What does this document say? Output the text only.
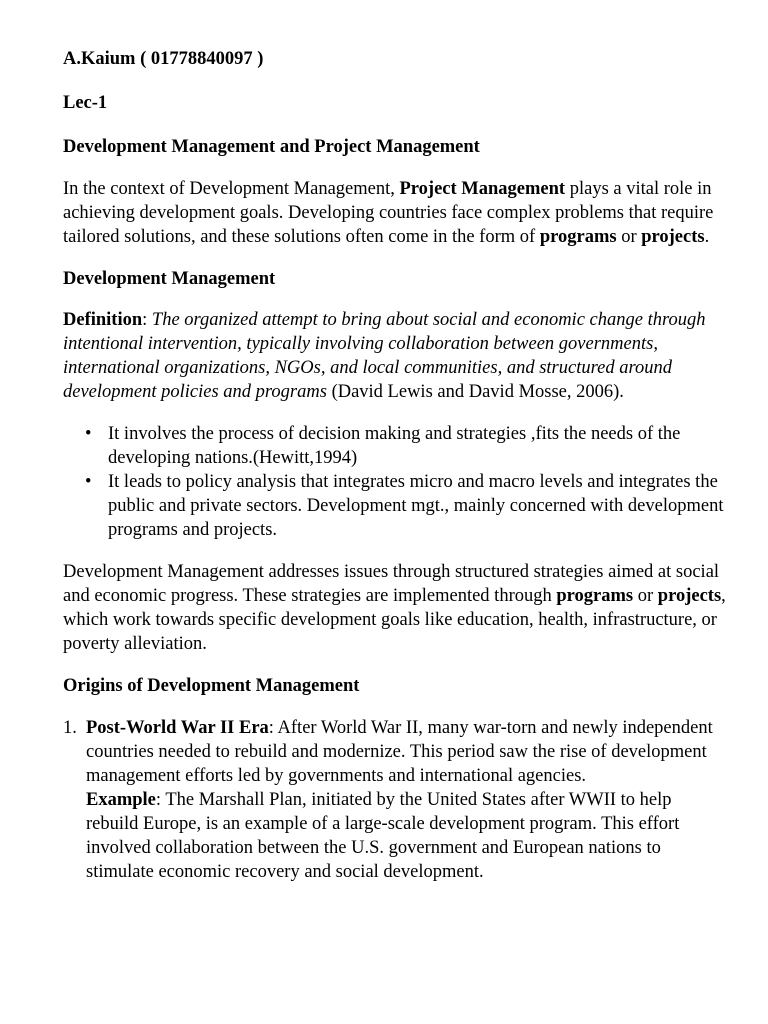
A.Kaium ( 01778840097 )

Lec-1

Development Management and Project Management

In the context of Development Management, Project Management plays a vital role in achieving development goals. Developing countries face complex problems that require tailored solutions, and these solutions often come in the form of programs or projects.

Development Management

Definition: The organized attempt to bring about social and economic change through intentional intervention, typically involving collaboration between governments, international organizations, NGOs, and local communities, and structured around development policies and programs (David Lewis and David Mosse, 2006).

• It involves the process of decision making and strategies ,fits the needs of the developing nations.(Hewitt,1994)
• It leads to policy analysis that integrates micro and macro levels and integrates the public and private sectors. Development mgt., mainly concerned with development programs and projects.

Development Management addresses issues through structured strategies aimed at social and economic progress. These strategies are implemented through programs or projects, which work towards specific development goals like education, health, infrastructure, or poverty alleviation.

Origins of Development Management

1. Post-World War II Era: After World War II, many war-torn and newly independent countries needed to rebuild and modernize. This period saw the rise of development management efforts led by governments and international agencies.
Example: The Marshall Plan, initiated by the United States after WWII to help rebuild Europe, is an example of a large-scale development program. This effort involved collaboration between the U.S. government and European nations to stimulate economic recovery and social development.
